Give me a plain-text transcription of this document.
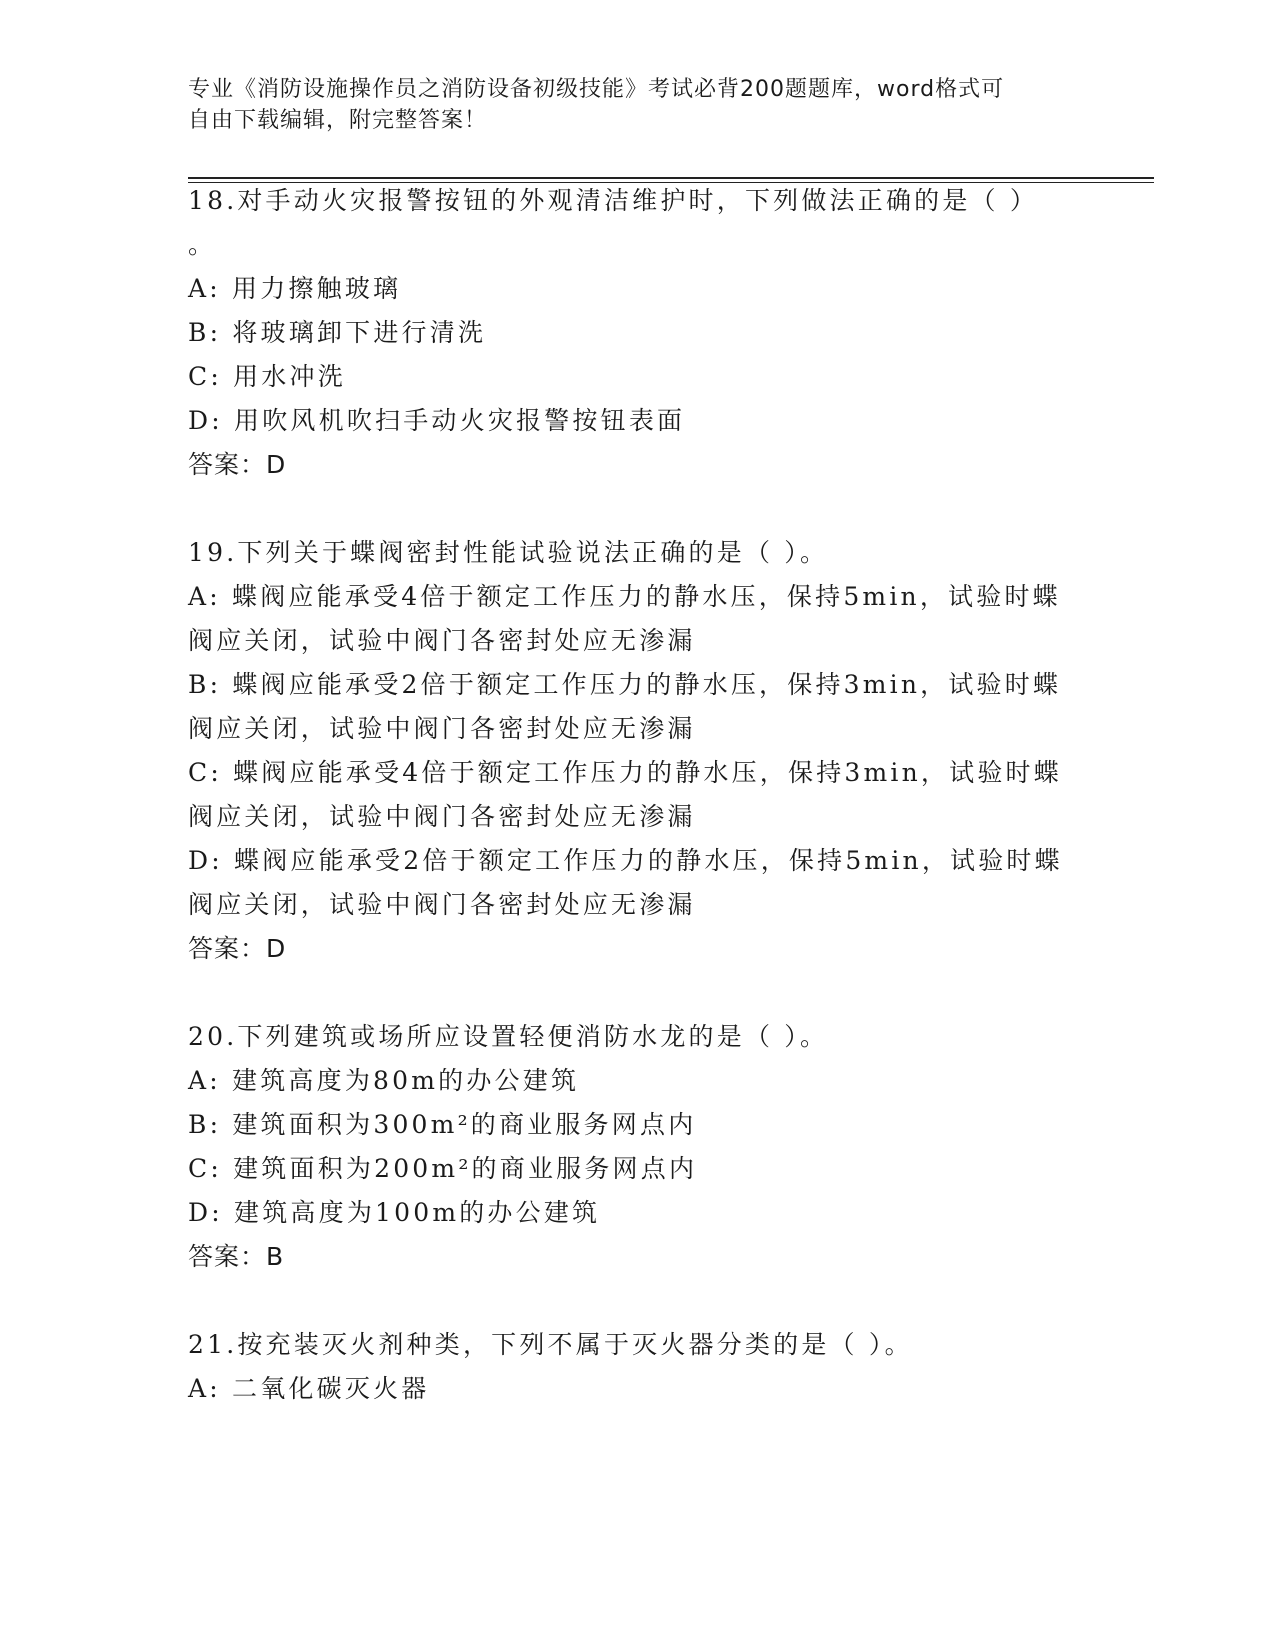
专业《消防设施操作员之消防设备初级技能》考试必背200题题库，word格式可
自由下载编辑，附完整答案！
18.对手动火灾报警按钮的外观清洁维护时，下列做法正确的是（ ）
。
A: 用力擦触玻璃
B: 将玻璃卸下进行清洗
C: 用水冲洗
D: 用吹风机吹扫手动火灾报警按钮表面
答案：D
19.下列关于蝶阀密封性能试验说法正确的是（ ）。
A: 蝶阀应能承受4倍于额定工作压力的静水压，保持5min，试验时蝶
阀应关闭，试验中阀门各密封处应无渗漏
B: 蝶阀应能承受2倍于额定工作压力的静水压，保持3min，试验时蝶
阀应关闭，试验中阀门各密封处应无渗漏
C: 蝶阀应能承受4倍于额定工作压力的静水压，保持3min，试验时蝶
阀应关闭，试验中阀门各密封处应无渗漏
D: 蝶阀应能承受2倍于额定工作压力的静水压，保持5min，试验时蝶
阀应关闭，试验中阀门各密封处应无渗漏
答案：D
20.下列建筑或场所应设置轻便消防水龙的是（ ）。
A: 建筑高度为80m的办公建筑
B: 建筑面积为300m²的商业服务网点内
C: 建筑面积为200m²的商业服务网点内
D: 建筑高度为100m的办公建筑
答案：B
21.按充装灭火剂种类，下列不属于灭火器分类的是（ ）。
A: 二氧化碳灭火器
